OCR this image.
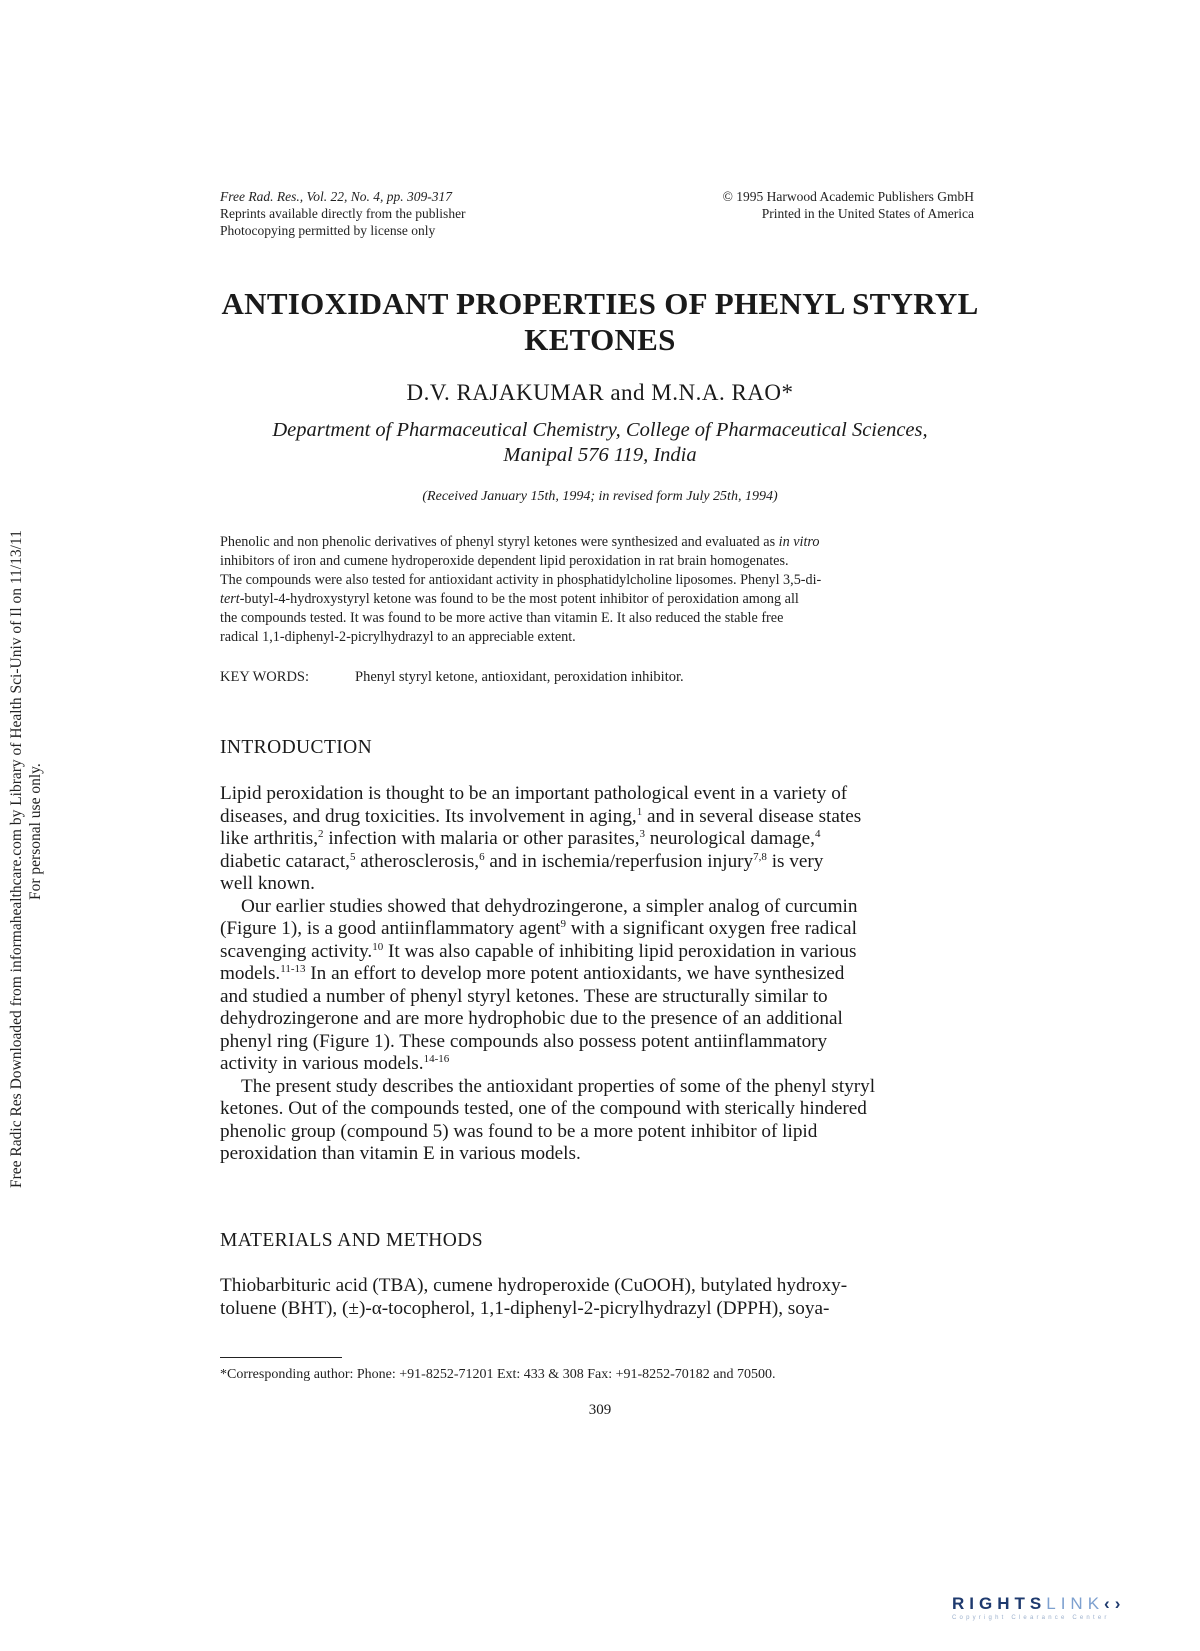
Free Radic Res Downloaded from informahealthcare.com by Library of Health Sci-Univ of Il on 11/13/11 For personal use only.
Free Rad. Res., Vol. 22, No. 4, pp. 309-317
Reprints available directly from the publisher
Photocopying permitted by license only
© 1995 Harwood Academic Publishers GmbH
Printed in the United States of America
ANTIOXIDANT PROPERTIES OF PHENYL STYRYL
KETONES
D.V. RAJAKUMAR and M.N.A. RAO*
Department of Pharmaceutical Chemistry, College of Pharmaceutical Sciences,
Manipal 576 119, India
(Received January 15th, 1994; in revised form July 25th, 1994)
Phenolic and non phenolic derivatives of phenyl styryl ketones were synthesized and evaluated as in vitro
inhibitors of iron and cumene hydroperoxide dependent lipid peroxidation in rat brain homogenates.
The compounds were also tested for antioxidant activity in phosphatidylcholine liposomes. Phenyl 3,5-di-
tert-butyl-4-hydroxystyryl ketone was found to be the most potent inhibitor of peroxidation among all
the compounds tested. It was found to be more active than vitamin E. It also reduced the stable free
radical 1,1-diphenyl-2-picrylhydrazyl to an appreciable extent.
KEY WORDS:	Phenyl styryl ketone, antioxidant, peroxidation inhibitor.
INTRODUCTION
Lipid peroxidation is thought to be an important pathological event in a variety of
diseases, and drug toxicities. Its involvement in aging,$^1$ and in several disease states
like arthritis,$^2$ infection with malaria or other parasites,$^3$ neurological damage,$^4$
diabetic cataract,$^5$ atherosclerosis,$^6$ and in ischemia/reperfusion injury$^{7,8}$ is very
well known.
Our earlier studies showed that dehydrozingerone, a simpler analog of curcumin
(Figure 1), is a good antiinflammatory agent$^9$ with a significant oxygen free radical
scavenging activity.$^{10}$ It was also capable of inhibiting lipid peroxidation in various
models.$^{11-13}$ In an effort to develop more potent antioxidants, we have synthesized
and studied a number of phenyl styryl ketones. These are structurally similar to
dehydrozingerone and are more hydrophobic due to the presence of an additional
phenyl ring (Figure 1). These compounds also possess potent antiinflammatory
activity in various models.$^{14-16}$
The present study describes the antioxidant properties of some of the phenyl styryl
ketones. Out of the compounds tested, one of the compound with sterically hindered
phenolic group (compound 5) was found to be a more potent inhibitor of lipid
peroxidation than vitamin E in various models.
MATERIALS AND METHODS
Thiobarbituric acid (TBA), cumene hydroperoxide (CuOOH), butylated hydroxy-
toluene (BHT), (±)-α-tocopherol, 1,1-diphenyl-2-picrylhydrazyl (DPPH), soya-
*Corresponding author: Phone: +91-8252-71201 Ext: 433 & 308 Fax: +91-8252-70182 and 70500.
309
RIGHTSLINK‹›
Copyright Clearance Center
